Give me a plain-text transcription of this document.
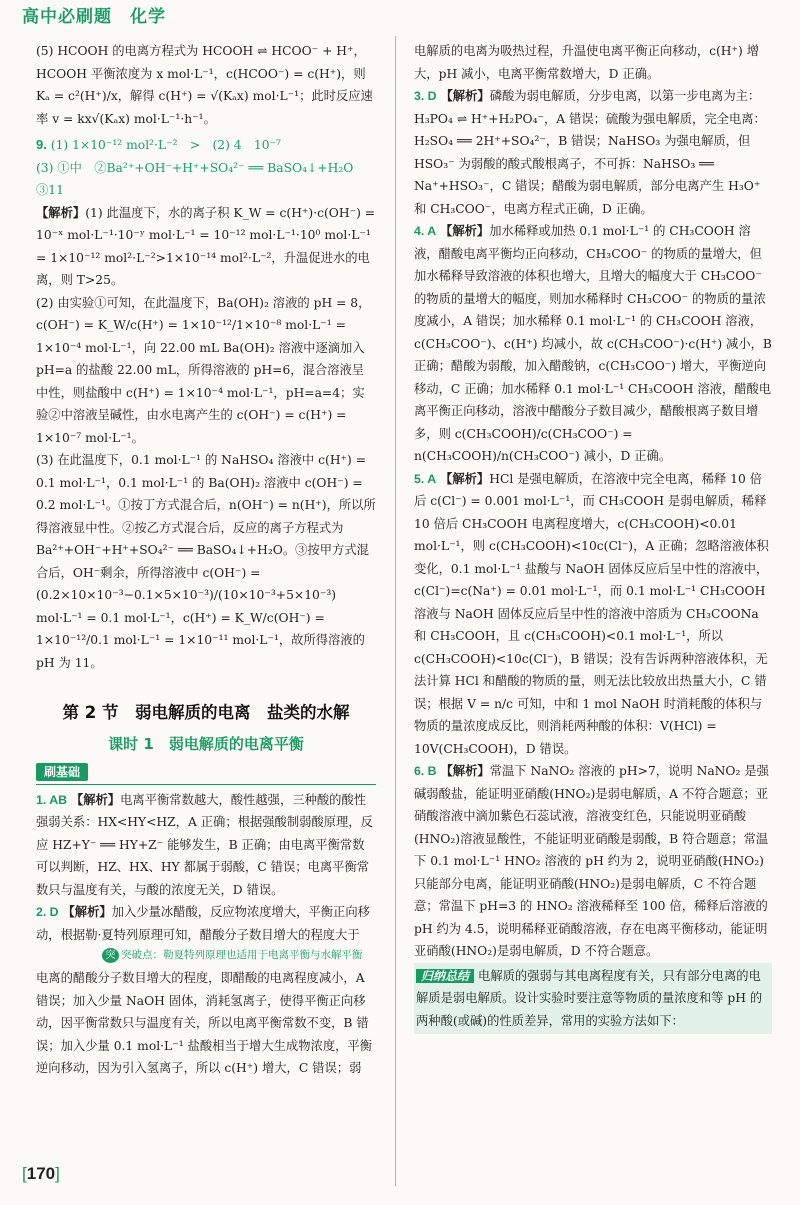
高中必刷题　化学

(5) HCOOH 的电离方程式为 HCOOH ⇌ HCOO⁻ + H⁺，HCOOH 平衡浓度为 x mol·L⁻¹，c(HCOO⁻) = c(H⁺)，则 Kₐ = c²(H⁺)/x，解得 c(H⁺) = √(Kₐx) mol·L⁻¹；此时反应速率 v = kx√(Kₐx) mol·L⁻¹·h⁻¹。

9. (1) 1×10⁻¹² mol²·L⁻²　>　(2) 4　10⁻⁷

(3) ①中　②Ba²⁺+OH⁻+H⁺+SO₄²⁻ ══ BaSO₄↓+H₂O　③11

【解析】(1) 此温度下，水的离子积 K_W = c(H⁺)·c(OH⁻) = 10⁻ˣ mol·L⁻¹·10⁻ʸ mol·L⁻¹ = 10⁻¹² mol·L⁻¹·10⁰ mol·L⁻¹ = 1×10⁻¹² mol²·L⁻²>1×10⁻¹⁴ mol²·L⁻²，升温促进水的电离，则 T>25。

(2) 由实验①可知，在此温度下，Ba(OH)₂ 溶液的 pH = 8，c(OH⁻) = K_W/c(H⁺) = 1×10⁻¹²/1×10⁻⁸ mol·L⁻¹ = 1×10⁻⁴ mol·L⁻¹，向 22.00 mL Ba(OH)₂ 溶液中逐滴加入 pH=a 的盐酸 22.00 mL，所得溶液的 pH=6，混合溶液呈中性，则盐酸中 c(H⁺) = 1×10⁻⁴ mol·L⁻¹，pH=a=4；实验②中溶液呈碱性，由水电离产生的 c(OH⁻) = c(H⁺) = 1×10⁻⁷ mol·L⁻¹。

(3) 在此温度下，0.1 mol·L⁻¹ 的 NaHSO₄ 溶液中 c(H⁺) = 0.1 mol·L⁻¹，0.1 mol·L⁻¹ 的 Ba(OH)₂ 溶液中 c(OH⁻) = 0.2 mol·L⁻¹。①按丁方式混合后，n(OH⁻) = n(H⁺)，所以所得溶液显中性。②按乙方式混合后，反应的离子方程式为 Ba²⁺+OH⁻+H⁺+SO₄²⁻ ══ BaSO₄↓+H₂O。③按甲方式混合后，OH⁻剩余，所得溶液中 c(OH⁻) = (0.2×10×10⁻³−0.1×5×10⁻³)/(10×10⁻³+5×10⁻³) mol·L⁻¹ = 0.1 mol·L⁻¹，c(H⁺) = K_W/c(OH⁻) = 1×10⁻¹²/0.1 mol·L⁻¹ = 1×10⁻¹¹ mol·L⁻¹，故所得溶液的 pH 为 11。

第 2 节　弱电解质的电离　盐类的水解
课时 1　弱电解质的电离平衡
刷基础

1. AB 【解析】电离平衡常数越大，酸性越强，三种酸的酸性强弱关系：HX<HY<HZ，A 正确；根据强酸制弱酸原理，反应 HZ+Y⁻ ══ HY+Z⁻ 能够发生，B 正确；由电离平衡常数可以判断，HZ、HX、HY 都属于弱酸，C 错误；电离平衡常数只与温度有关，与酸的浓度无关，D 错误。

2. D 【解析】加入少量冰醋酸，反应物浓度增大，平衡正向移动，根据勒·夏特列原理可知，醋酸分子数目增大的程度大于

突 突破点：勒夏特列原理也适用于电离平衡与水解平衡

电离的醋酸分子数目增大的程度，即醋酸的电离程度减小，A 错误；加入少量 NaOH 固体，消耗氢离子，使得平衡正向移动，因平衡常数只与温度有关，所以电离平衡常数不变，B 错误；加入少量 0.1 mol·L⁻¹ 盐酸相当于增大生成物浓度，平衡逆向移动，因为引入氢离子，所以 c(H⁺) 增大，C 错误；弱

电解质的电离为吸热过程，升温使电离平衡正向移动，c(H⁺) 增大，pH 减小，电离平衡常数增大，D 正确。

3. D 【解析】磷酸为弱电解质，分步电离，以第一步电离为主：H₃PO₄ ⇌ H⁺+H₂PO₄⁻，A 错误；硫酸为强电解质，完全电离：H₂SO₄ ══ 2H⁺+SO₄²⁻，B 错误；NaHSO₃ 为强电解质，但 HSO₃⁻ 为弱酸的酸式酸根离子，不可拆：NaHSO₃ ══ Na⁺+HSO₃⁻，C 错误；醋酸为弱电解质，部分电离产生 H₃O⁺ 和 CH₃COO⁻，电离方程式正确，D 正确。

4. A 【解析】加水稀释或加热 0.1 mol·L⁻¹ 的 CH₃COOH 溶液，醋酸电离平衡均正向移动，CH₃COO⁻ 的物质的量增大，但加水稀释导致溶液的体积也增大，且增大的幅度大于 CH₃COO⁻ 的物质的量增大的幅度，则加水稀释时 CH₃COO⁻ 的物质的量浓度减小，A 错误；加水稀释 0.1 mol·L⁻¹ 的 CH₃COOH 溶液，c(CH₃COO⁻)、c(H⁺) 均减小，故 c(CH₃COO⁻)·c(H⁺) 减小，B 正确；醋酸为弱酸，加入醋酸钠，c(CH₃COO⁻) 增大，平衡逆向移动，C 正确；加水稀释 0.1 mol·L⁻¹ CH₃COOH 溶液，醋酸电离平衡正向移动，溶液中醋酸分子数目减少，醋酸根离子数目增多，则 c(CH₃COOH)/c(CH₃COO⁻) = n(CH₃COOH)/n(CH₃COO⁻) 减小，D 正确。

5. A 【解析】HCl 是强电解质，在溶液中完全电离，稀释 10 倍后 c(Cl⁻) = 0.001 mol·L⁻¹，而 CH₃COOH 是弱电解质，稀释 10 倍后 CH₃COOH 电离程度增大，c(CH₃COOH)<0.01 mol·L⁻¹，则 c(CH₃COOH)<10c(Cl⁻)，A 正确；忽略溶液体积变化，0.1 mol·L⁻¹ 盐酸与 NaOH 固体反应后呈中性的溶液中，c(Cl⁻)=c(Na⁺) = 0.01 mol·L⁻¹，而 0.1 mol·L⁻¹ CH₃COOH 溶液与 NaOH 固体反应后呈中性的溶液中溶质为 CH₃COONa 和 CH₃COOH，且 c(CH₃COOH)<0.1 mol·L⁻¹，所以 c(CH₃COOH)<10c(Cl⁻)，B 错误；没有告诉两种溶液体积，无法计算 HCl 和醋酸的物质的量，则无法比较放出热量大小，C 错误；根据 V = n/c 可知，中和 1 mol NaOH 时消耗酸的体积与物质的量浓度成反比，则消耗两种酸的体积：V(HCl) = 10V(CH₃COOH)，D 错误。

6. B 【解析】常温下 NaNO₂ 溶液的 pH>7，说明 NaNO₂ 是强碱弱酸盐，能证明亚硝酸(HNO₂)是弱电解质，A 不符合题意；亚硝酸溶液中滴加紫色石蕊试液，溶液变红色，只能说明亚硝酸(HNO₂)溶液显酸性，不能证明亚硝酸是弱酸，B 符合题意；常温下 0.1 mol·L⁻¹ HNO₂ 溶液的 pH 约为 2，说明亚硝酸(HNO₂)只能部分电离，能证明亚硝酸(HNO₂)是弱电解质，C 不符合题意；常温下 pH=3 的 HNO₂ 溶液稀释至 100 倍，稀释后溶液的 pH 约为 4.5，说明稀释亚硝酸溶液，存在电离平衡移动，能证明亚硝酸(HNO₂)是弱电解质，D 不符合题意。

归纳总结 电解质的强弱与其电离程度有关，只有部分电离的电解质是弱电解质。设计实验时要注意等物质的量浓度和等 pH 的两种酸(或碱)的性质差异，常用的实验方法如下：

[170]
